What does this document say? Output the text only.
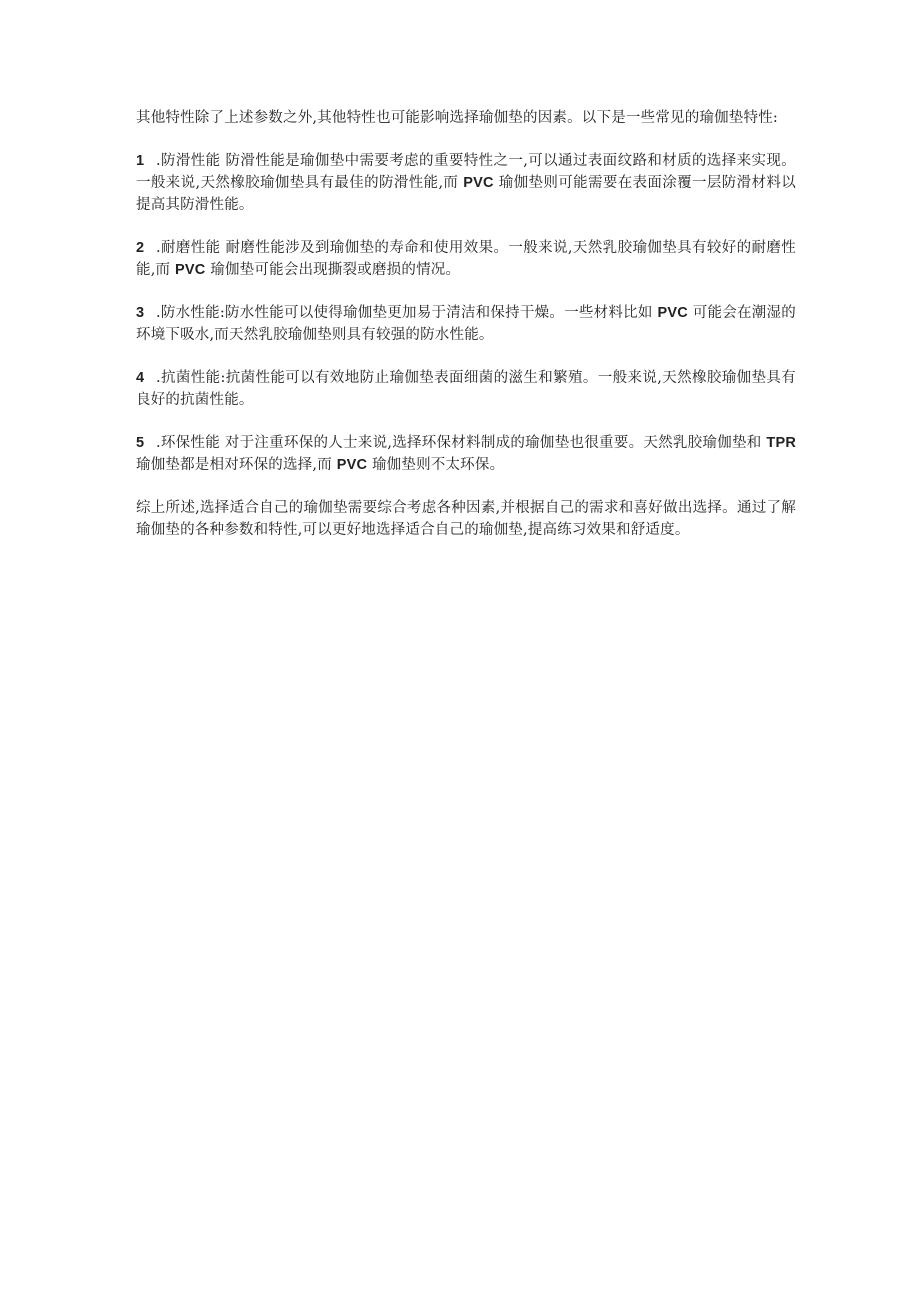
其他特性除了上述参数之外,其他特性也可能影响选择瑜伽垫的因素。以下是一些常见的瑜伽垫特性:

1 .防滑性能 防滑性能是瑜伽垫中需要考虑的重要特性之一,可以通过表面纹路和材质的选择来实现。一般来说,天然橡胶瑜伽垫具有最佳的防滑性能,而 PVC 瑜伽垫则可能需要在表面涂覆一层防滑材料以提高其防滑性能。

2 .耐磨性能 耐磨性能涉及到瑜伽垫的寿命和使用效果。一般来说,天然乳胶瑜伽垫具有较好的耐磨性能,而 PVC 瑜伽垫可能会出现撕裂或磨损的情况。

3 .防水性能:防水性能可以使得瑜伽垫更加易于清洁和保持干燥。一些材料比如 PVC 可能会在潮湿的环境下吸水,而天然乳胶瑜伽垫则具有较强的防水性能。

4 .抗菌性能:抗菌性能可以有效地防止瑜伽垫表面细菌的滋生和繁殖。一般来说,天然橡胶瑜伽垫具有良好的抗菌性能。

5 .环保性能 对于注重环保的人士来说,选择环保材料制成的瑜伽垫也很重要。天然乳胶瑜伽垫和 TPR 瑜伽垫都是相对环保的选择,而 PVC 瑜伽垫则不太环保。

综上所述,选择适合自己的瑜伽垫需要综合考虑各种因素,并根据自己的需求和喜好做出选择。通过了解瑜伽垫的各种参数和特性,可以更好地选择适合自己的瑜伽垫,提高练习效果和舒适度。
